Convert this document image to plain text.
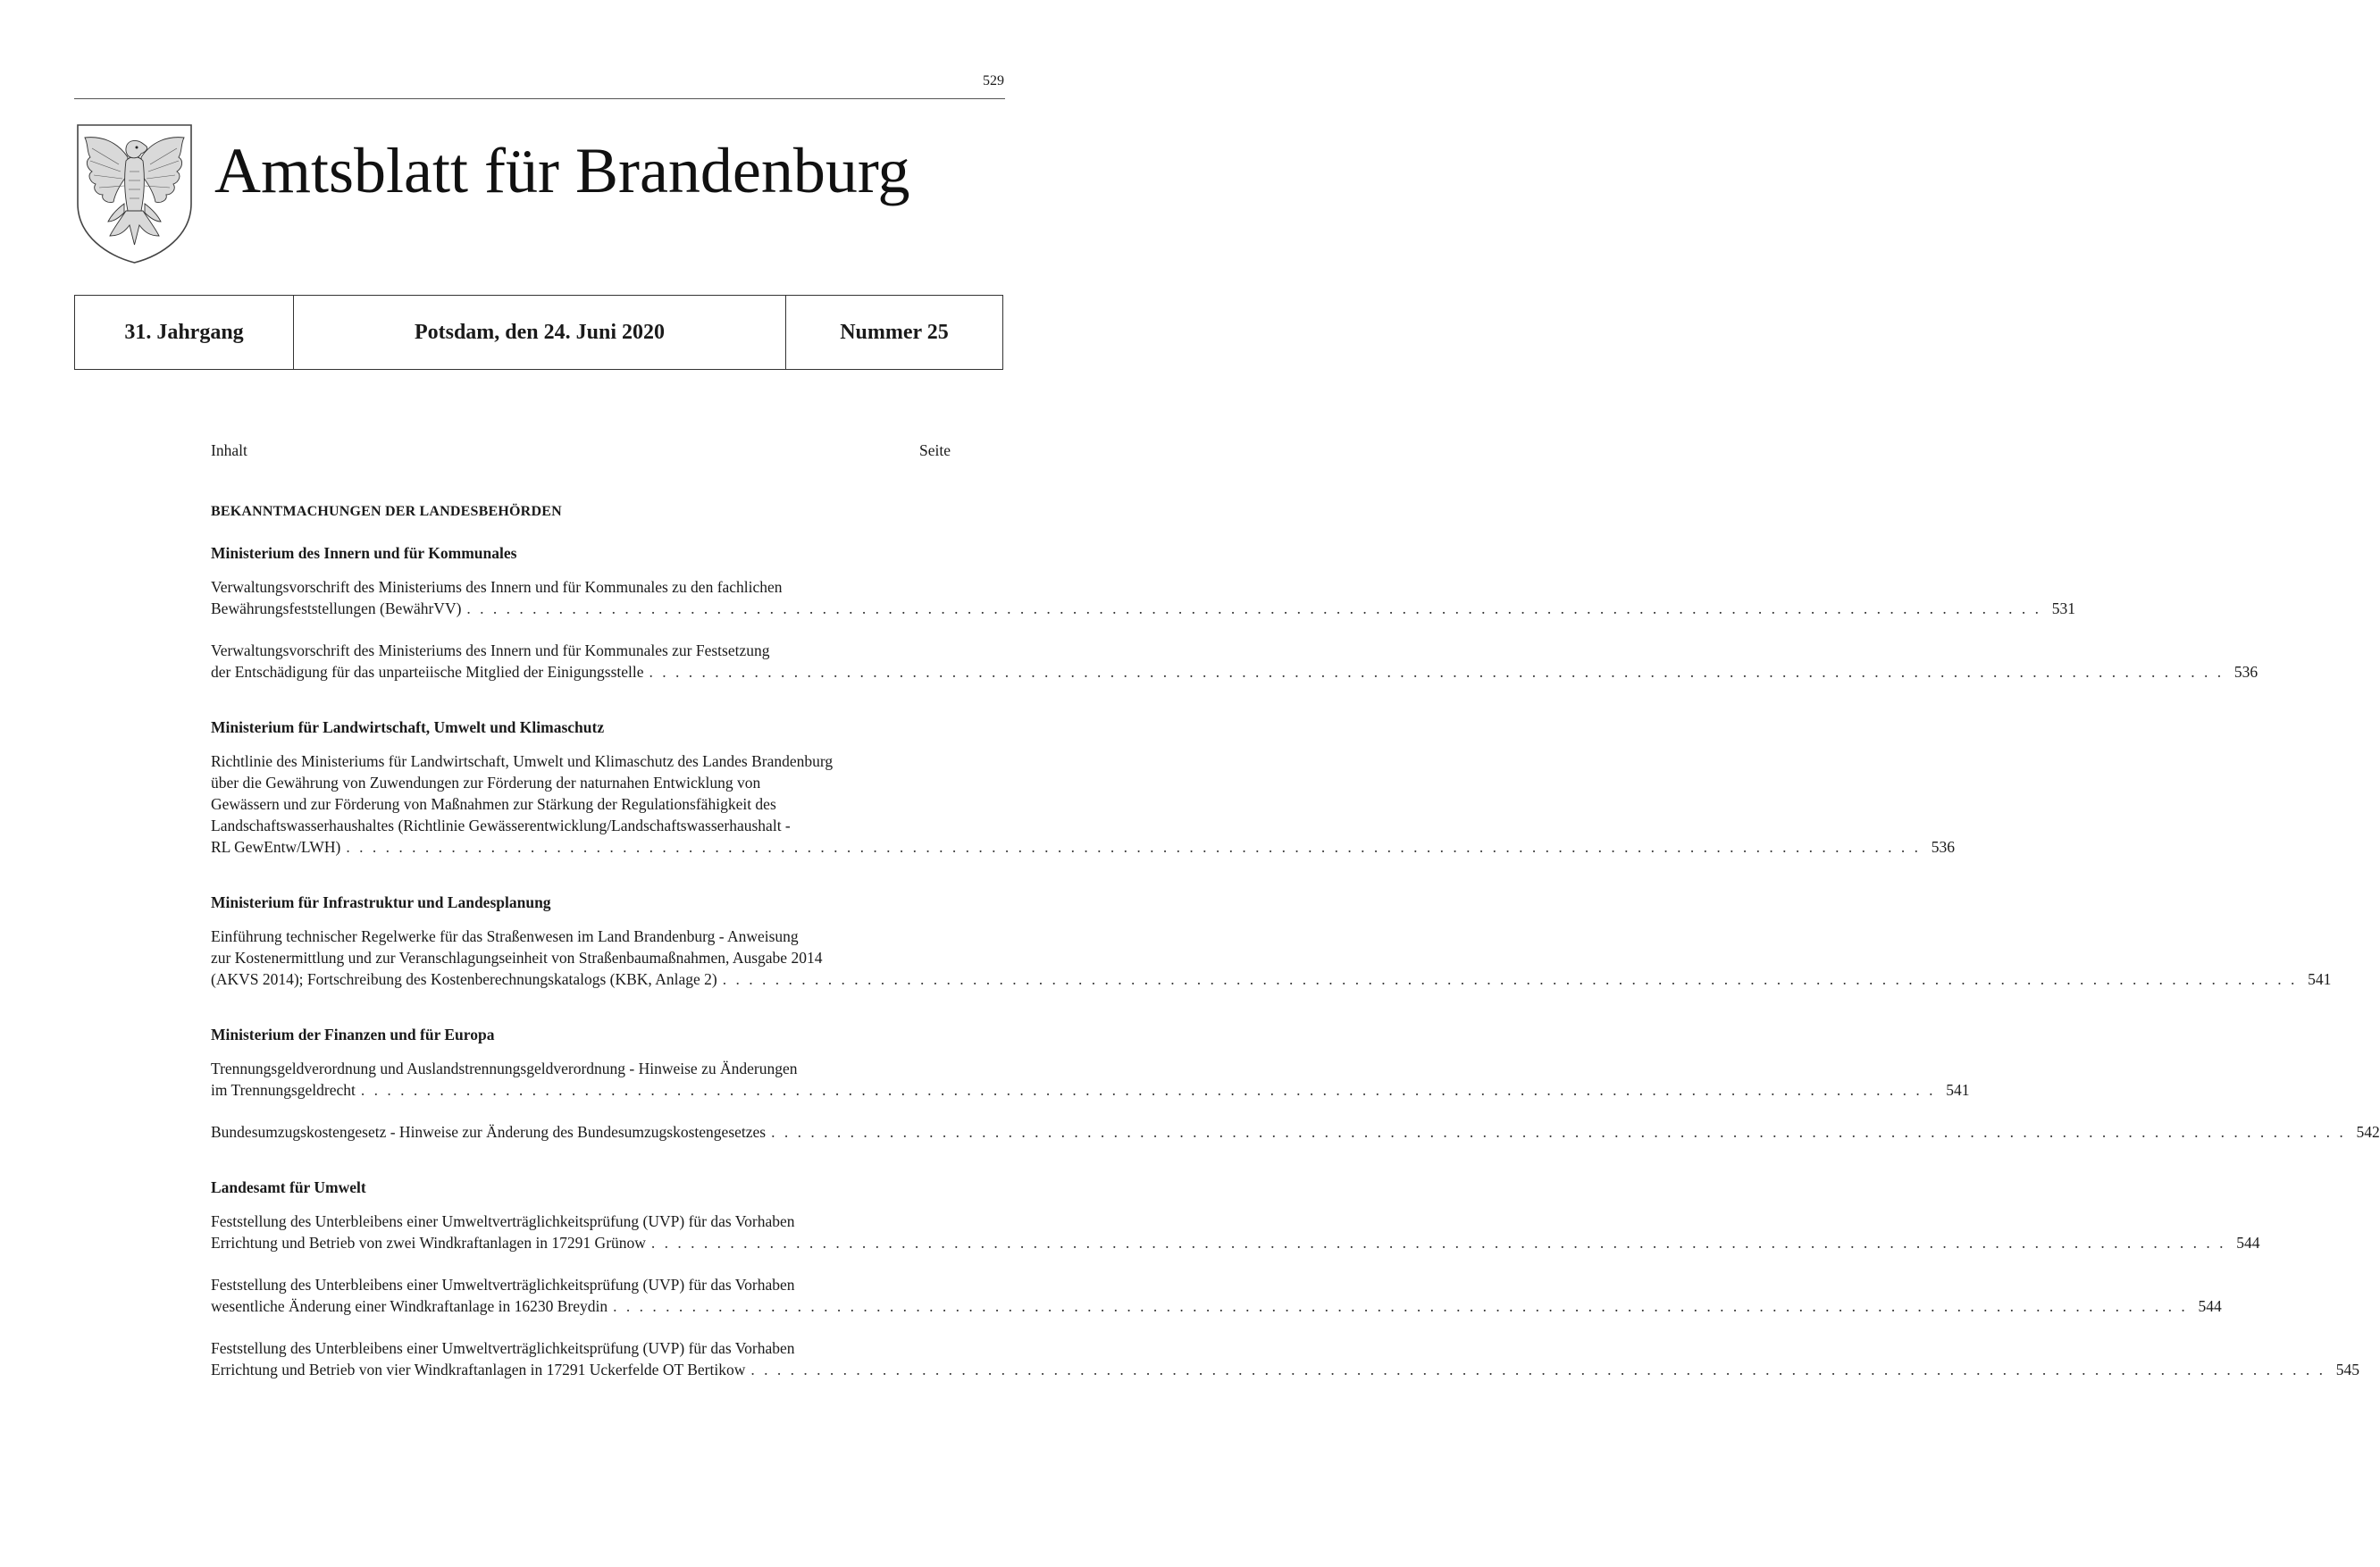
529
Amtsblatt für Brandenburg
31. Jahrgang	Potsdam, den 24. Juni 2020	Nummer 25
Inhalt	Seite
BEKANNTMACHUNGEN DER LANDESBEHÖRDEN
Ministerium des Innern und für Kommunales
Verwaltungsvorschrift des Ministeriums des Innern und für Kommunales zu den fachlichen
Bewährungsfeststellungen (BewährVV) . . . . . . . . . . . . . . . . . . . . . . . . . . . . . . . . . . . . . . . . . . . . . . . . . . . . . . . . . . . . . . . . . . . . . . . . . . . . . . . . . . . . . . . . . . . . . . . . . . . . . . . . . . . . . . . . . . . . . . . . 531
Verwaltungsvorschrift des Ministeriums des Innern und für Kommunales zur Festsetzung
der Entschädigung für das unparteiische Mitglied der Einigungsstelle . . . . . . . . . . . . . . . . . . . . . . . . . . . . . . . . . . . . . . . . . . . . . . . . . . . . . . . . . . . . . . . . . . . . . . . . . . . . . . . . . . . . . . . . . . . . . . . . . . . . . . . . . . . . . . . . . . . . . . . . 536
Ministerium für Landwirtschaft, Umwelt und Klimaschutz
Richtlinie des Ministeriums für Landwirtschaft, Umwelt und Klimaschutz des Landes Brandenburg
über die Gewährung von Zuwendungen zur Förderung der naturnahen Entwicklung von
Gewässern und zur Förderung von Maßnahmen zur Stärkung der Regulationsfähigkeit des
Landschaftswasserhaushaltes (Richtlinie Gewässerentwicklung/Landschaftswasserhaushalt -
RL GewEntw/LWH) . . . . . . . . . . . . . . . . . . . . . . . . . . . . . . . . . . . . . . . . . . . . . . . . . . . . . . . . . . . . . . . . . . . . . . . . . . . . . . . . . . . . . . . . . . . . . . . . . . . . . . . . . . . . . . . . . . . . . . . . 536
Ministerium für Infrastruktur und Landesplanung
Einführung technischer Regelwerke für das Straßenwesen im Land Brandenburg - Anweisung
zur Kostenermittlung und zur Veranschlagungseinheit von Straßenbaumaßnahmen, Ausgabe 2014
(AKVS 2014); Fortschreibung des Kostenberechnungskatalogs (KBK, Anlage 2) . . . . . . . . . . . . . . . . . . . . . . . . . . . . . . . . . . . . . . . . . . . . . . . . . . . . . . . . . . . . . . . . . . . . . . . . . . . . . . . . . . . . . . . . . . . . . . . . . . . . . . . . . . . . . . . . . . . . . . . . 541
Ministerium der Finanzen und für Europa
Trennungsgeldverordnung und Auslandstrennungsgeldverordnung - Hinweise zu Änderungen
im Trennungsgeldrecht . . . . . . . . . . . . . . . . . . . . . . . . . . . . . . . . . . . . . . . . . . . . . . . . . . . . . . . . . . . . . . . . . . . . . . . . . . . . . . . . . . . . . . . . . . . . . . . . . . . . . . . . . . . . . . . . . . . . . . . . 541
Bundesumzugskostengesetz - Hinweise zur Änderung des Bundesumzugskostengesetzes . . . . . . . . . . . . . . . . . . . . . . . . . . . . . . . . . . . . . . . . . . . . . . . . . . . . . . . . . . . . . . . . . . . . . . . . . . . . . . . . . . . . . . . . . . . . . . . . . . . . . . . . . . . . . . . . . . . . . . . . 542
Landesamt für Umwelt
Feststellung des Unterbleibens einer Umweltverträglichkeitsprüfung (UVP) für das Vorhaben
Errichtung und Betrieb von zwei Windkraftanlagen in 17291 Grünow . . . . . . . . . . . . . . . . . . . . . . . . . . . . . . . . . . . . . . . . . . . . . . . . . . . . . . . . . . . . . . . . . . . . . . . . . . . . . . . . . . . . . . . . . . . . . . . . . . . . . . . . . . . . . . . . . . . . . . . . 544
Feststellung des Unterbleibens einer Umweltverträglichkeitsprüfung (UVP) für das Vorhaben
wesentliche Änderung einer Windkraftanlage in 16230 Breydin . . . . . . . . . . . . . . . . . . . . . . . . . . . . . . . . . . . . . . . . . . . . . . . . . . . . . . . . . . . . . . . . . . . . . . . . . . . . . . . . . . . . . . . . . . . . . . . . . . . . . . . . . . . . . . . . . . . . . . . . 544
Feststellung des Unterbleibens einer Umweltverträglichkeitsprüfung (UVP) für das Vorhaben
Errichtung und Betrieb von vier Windkraftanlagen in 17291 Uckerfelde OT Bertikow . . . . . . . . . . . . . . . . . . . . . . . . . . . . . . . . . . . . . . . . . . . . . . . . . . . . . . . . . . . . . . . . . . . . . . . . . . . . . . . . . . . . . . . . . . . . . . . . . . . . . . . . . . . . . . . . . . . . . . . . 545
